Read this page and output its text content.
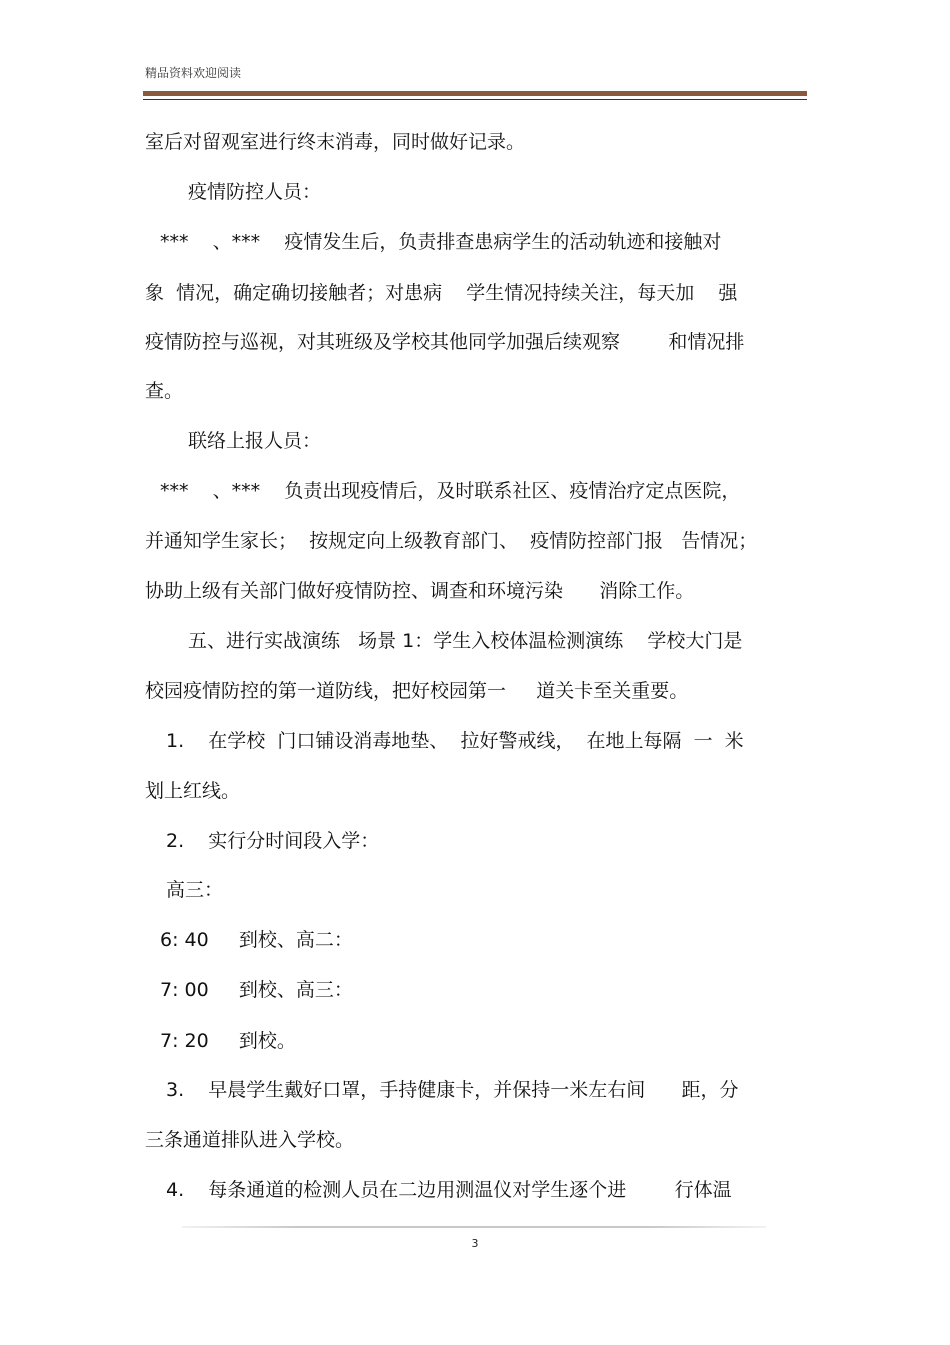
精品资料欢迎阅读
室后对留观室进行终末消毒，同时做好记录。
疫情防控人员：
***    、***    疫情发生后，负责排查患病学生的活动轨迹和接触对
象  情况，确定确切接触者；对患病    学生情况持续关注，每天加    强
疫情防控与巡视，对其班级及学校其他同学加强后续观察        和情况排
查。
联络上报人员：
***    、***    负责出现疫情后，及时联系社区、疫情治疗定点医院，
并通知学生家长；  按规定向上级教育部门、  疫情防控部门报   告情况；
协助上级有关部门做好疫情防控、调查和环境污染      消除工作。
五、进行实战演练   场景 1：学生入校体温检测演练    学校大门是
校园疫情防控的第一道防线，把好校园第一     道关卡至关重要。
1.    在学校  门口铺设消毒地垫、  拉好警戒线，  在地上每隔  一  米
划上红线。
2.    实行分时间段入学：
高三：
6: 40     到校、高二：
7: 00     到校、高三：
7: 20     到校。
3.    早晨学生戴好口罩，手持健康卡，并保持一米左右间      距，分
三条通道排队进入学校。
4.    每条通道的检测人员在二边用测温仪对学生逐个进        行体温
3
